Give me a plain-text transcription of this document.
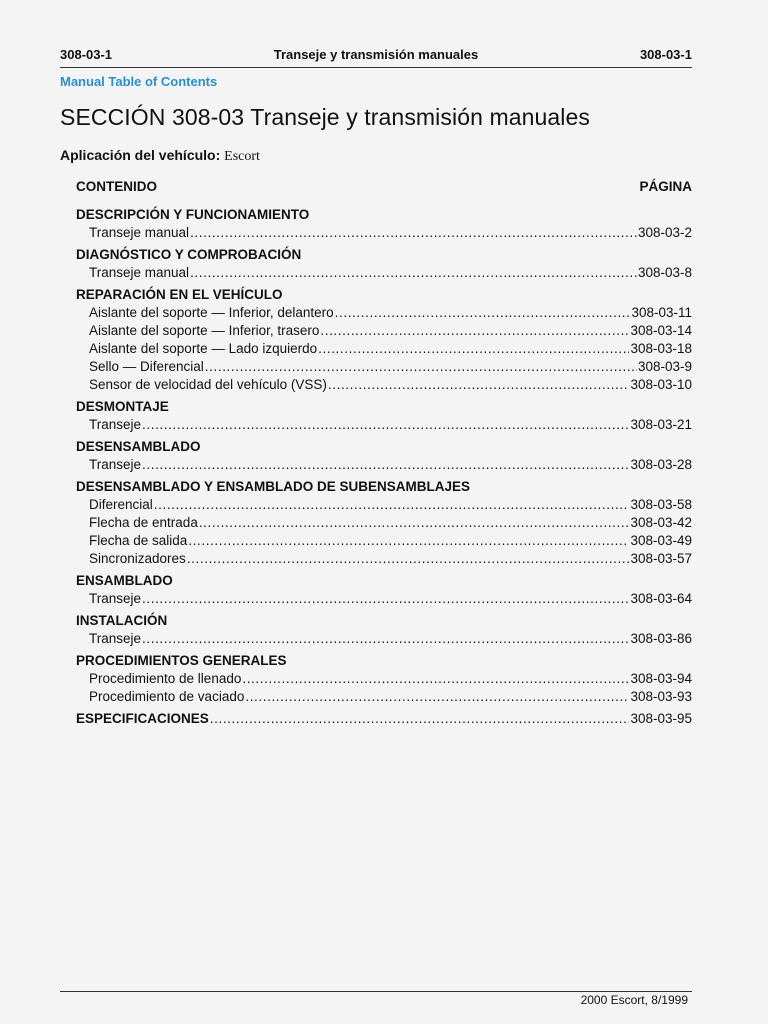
308-03-1	Transeje y transmisión manuales	308-03-1
Manual Table of Contents
SECCIÓN 308-03 Transeje y transmisión manuales
Aplicación del vehículo: Escort
CONTENIDO	PÁGINA
DESCRIPCIÓN Y FUNCIONAMIENTO
Transeje manual .....	308-03-2
DIAGNÓSTICO Y COMPROBACIÓN
Transeje manual .....	308-03-8
REPARACIÓN EN EL VEHÍCULO
Aislante del soporte — Inferior, delantero .....	308-03-11
Aislante del soporte — Inferior, trasero .....	308-03-14
Aislante del soporte — Lado izquierdo .....	308-03-18
Sello — Diferencial .....	308-03-9
Sensor de velocidad del vehículo (VSS) .....	308-03-10
DESMONTAJE
Transeje .....	308-03-21
DESENSAMBLADO
Transeje .....	308-03-28
DESENSAMBLADO Y ENSAMBLADO DE SUBENSAMBLAJES
Diferencial .....	308-03-58
Flecha de entrada .....	308-03-42
Flecha de salida .....	308-03-49
Sincronizadores .....	308-03-57
ENSAMBLADO
Transeje .....	308-03-64
INSTALACIÓN
Transeje .....	308-03-86
PROCEDIMIENTOS GENERALES
Procedimiento de llenado .....	308-03-94
Procedimiento de vaciado .....	308-03-93
ESPECIFICACIONES .....	308-03-95
2000 Escort, 8/1999
